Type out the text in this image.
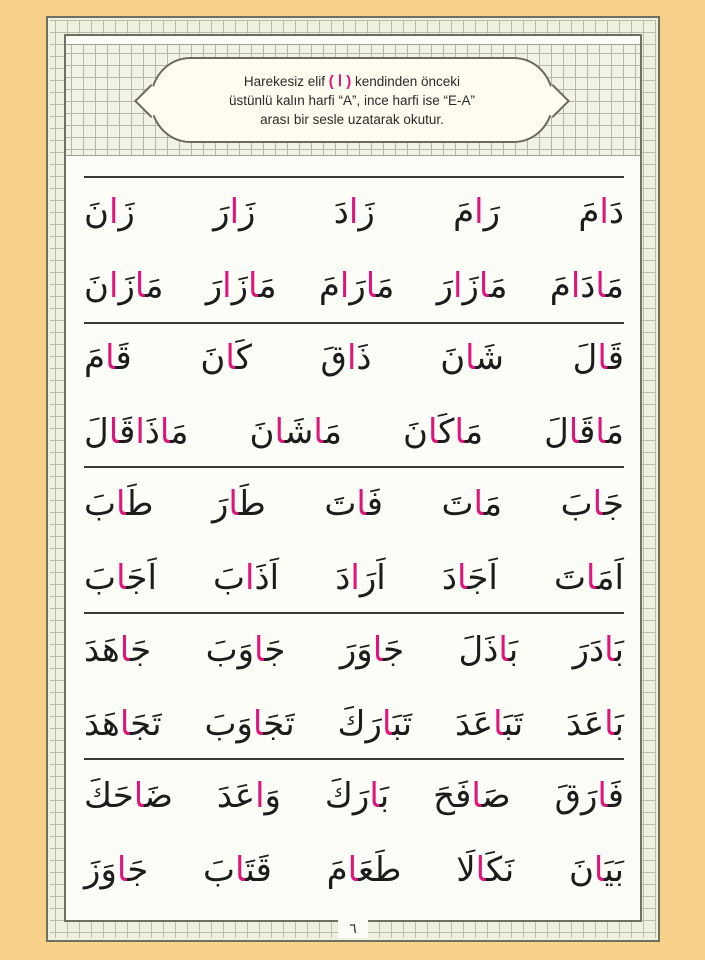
Harekesiz elif ( ا ) kendinden önceki
üstünlü kalın harfi “A”, ince harfi ise “E-A”
arası bir sesle uzatarak okutur.
دَامَ
رَامَ
زَادَ
زَارَ
زَانَ
مَادَامَ
مَازَارَ
مَارَامَ
مَازَارَ
مَازَانَ
قَالَ
شَانَ
ذَاقَ
كَانَ
قَامَ
مَاقَالَ
مَاكَانَ
مَاشَانَ
مَاذَاقَالَ
جَابَ
مَاتَ
فَاتَ
طَارَ
طَابَ
اَمَاتَ
اَجَادَ
اَرَادَ
اَذَابَ
اَجَابَ
بَادَرَ
بَاذَلَ
جَاوَرَ
جَاوَبَ
جَاهَدَ
بَاعَدَ
تَبَاعَدَ
تَبَارَكَ
تَجَاوَبَ
تَجَاهَدَ
فَارَقَ
صَافَحَ
بَارَكَ
وَاعَدَ
ضَاحَكَ
بَيَانَ
نَكَالَا
طَعَامَ
قَتَابَ
جَاوَزَ
٦
